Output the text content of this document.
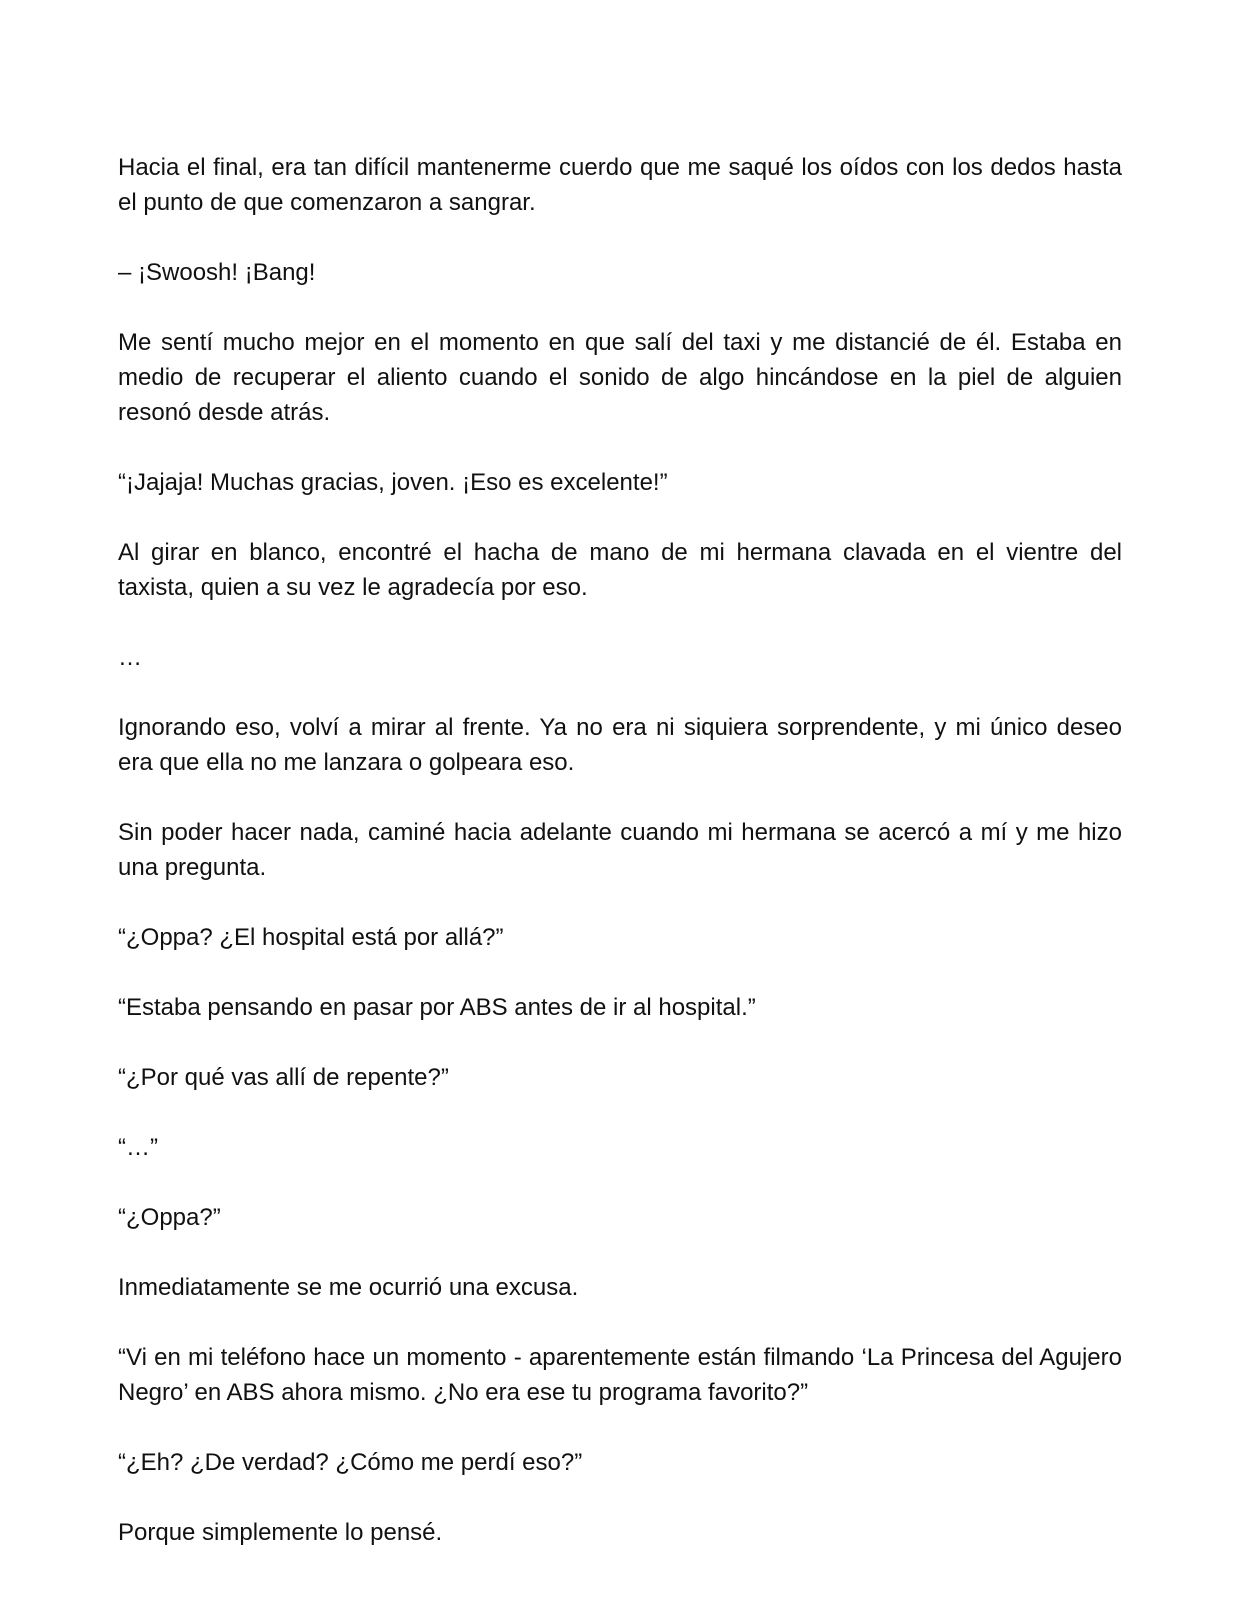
Hacia el final, era tan difícil mantenerme cuerdo que me saqué los oídos con los dedos hasta el punto de que comenzaron a sangrar.

– ¡Swoosh! ¡Bang!

Me sentí mucho mejor en el momento en que salí del taxi y me distancié de él. Estaba en medio de recuperar el aliento cuando el sonido de algo hincándose en la piel de alguien resonó desde atrás.

“¡Jajaja! Muchas gracias, joven. ¡Eso es excelente!”

Al girar en blanco, encontré el hacha de mano de mi hermana clavada en el vientre del taxista, quien a su vez le agradecía por eso.

…

Ignorando eso, volví a mirar al frente. Ya no era ni siquiera sorprendente, y mi único deseo era que ella no me lanzara o golpeara eso.

Sin poder hacer nada, caminé hacia adelante cuando mi hermana se acercó a mí y me hizo una pregunta.

“¿Oppa? ¿El hospital está por allá?”

“Estaba pensando en pasar por ABS antes de ir al hospital.”

“¿Por qué vas allí de repente?”

“…”

“¿Oppa?”

Inmediatamente se me ocurrió una excusa.

“Vi en mi teléfono hace un momento - aparentemente están filmando ‘La Princesa del Agujero Negro’ en ABS ahora mismo. ¿No era ese tu programa favorito?”

“¿Eh? ¿De verdad? ¿Cómo me perdí eso?”

Porque simplemente lo pensé.
